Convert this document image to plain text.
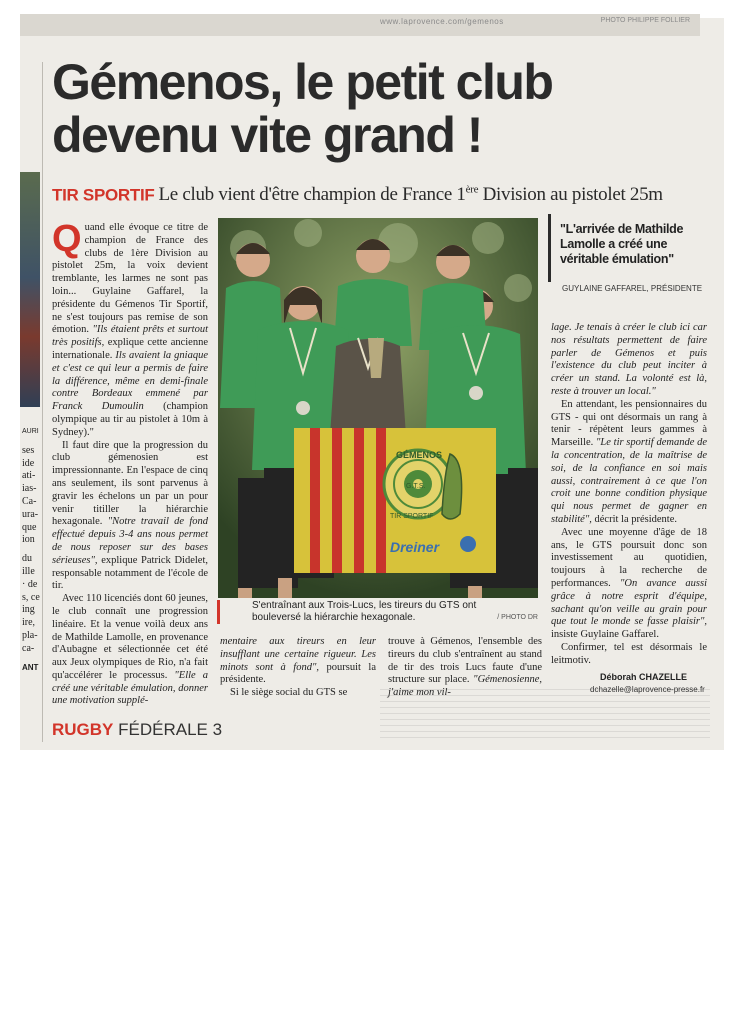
www.laprovence.com/gemenos	PHOTO PHILIPPE FOLLIER
AURI
ses
ide
ati-
ias-
Ca-
ura-
que
ion
du
ille
· de
s, ce
ing
ire,
pla-
ca-
ANT
Gémenos, le petit club devenu vite grand !
TIR SPORTIF Le club vient d'être champion de France 1ère Division au pistolet 25m

Quand elle évoque ce titre de champion de France des clubs de 1ère Division au pistolet 25m, la voix devient tremblante, les larmes ne sont pas loin... Guylaine Gaffarel, la présidente du Gémenos Tir Sportif, ne s'est toujours pas remise de son émotion. "Ils étaient prêts et surtout très positifs, explique cette ancienne internationale. Ils avaient la gniaque et c'est ce qui leur a permis de faire la différence, même en demi-finale contre Bordeaux emmené par Franck Dumoulin (champion olympique au tir au pistolet à 10m à Sydney)."

Il faut dire que la progression du club gémenosien est impressionnante. En l'espace de cinq ans seulement, ils sont parvenus à gravir les échelons un par un pour venir titiller la hiérarchie hexagonale. "Notre travail de fond effectué depuis 3-4 ans nous permet de nous reposer sur des bases sérieuses", explique Patrick Didelet, responsable notamment de l'école de tir.

Avec 110 licenciés dont 60 jeunes, le club connaît une progression linéaire. Et la venue voilà deux ans de Mathilde Lamolle, en provenance d'Aubagne et sélectionnée cet été aux Jeux olympiques de Rio, n'a fait qu'accélérer le processus. "Elle a créé une véritable émulation, donner une motivation supplé-

GÉMENOS
G.T.S.
TIR SPORTIF
Dreiner
S'entraînant aux Trois-Lucs, les tireurs du GTS ont bouleversé la hiérarchie hexagonale.	/ PHOTO DR

mentaire aux tireurs en leur insufflant une certaine rigueur. Les minots sont à fond", poursuit la présidente.

Si le siège social du GTS se

trouve à Gémenos, l'ensemble des tireurs du club s'entraînent au stand de tir des trois Lucs faute d'une structure sur place. "Gémenosienne, j'aime mon vil-

"L'arrivée de Mathilde Lamolle a créé une véritable émulation"
GUYLAINE GAFFAREL, PRÉSIDENTE

lage. Je tenais à créer le club ici car nos résultats permettent de faire parler de Gémenos et puis l'existence du club peut inciter à créer un stand. La volonté est là, reste à trouver un local."

En attendant, les pensionnaires du GTS - qui ont désormais un rang à tenir - répètent leurs gammes à Marseille. "Le tir sportif demande de la concentration, de la maîtrise de soi, de la confiance en soi mais aussi, contrairement à ce que l'on croit une bonne condition physique qui nous permet de gagner en stabilité", décrit la présidente.

Avec une moyenne d'âge de 18 ans, le GTS poursuit donc son investissement au quotidien, toujours à la recherche de performances. "On avance aussi grâce à notre esprit d'équipe, sachant qu'on veille au grain pour que tout le monde se fasse plaisir", insiste Guylaine Gaffarel.

Confirmer, tel est désormais le leitmotiv.

Déborah CHAZELLE
dchazelle@laprovence-presse.fr
RUGBY FÉDÉRALE 3
